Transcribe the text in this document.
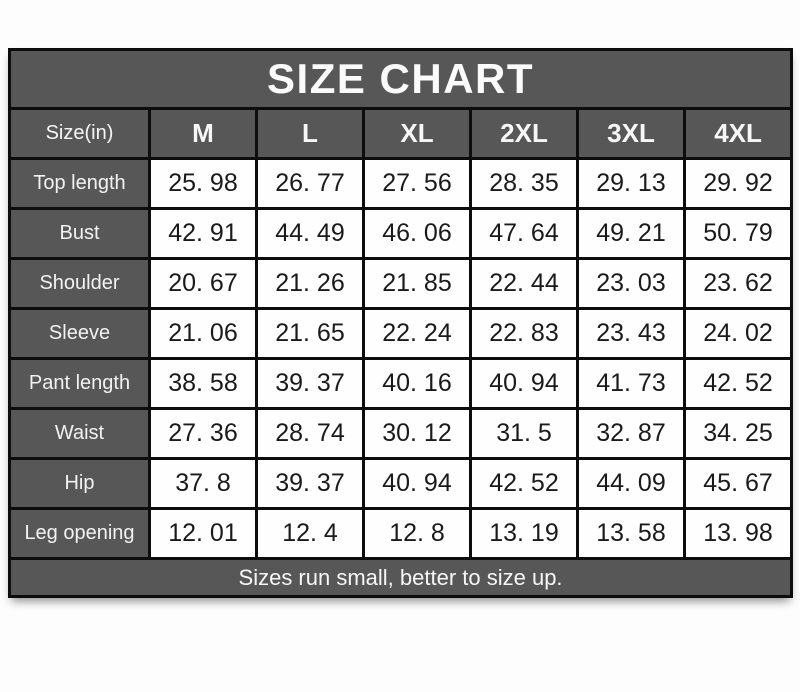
SIZE CHART						
Size(in)	M	L	XL	2XL	3XL	4XL
Top length	25. 98	26. 77	27. 56	28. 35	29. 13	29. 92
Bust	42. 91	44. 49	46. 06	47. 64	49. 21	50. 79
Shoulder	20. 67	21. 26	21. 85	22. 44	23. 03	23. 62
Sleeve	21. 06	21. 65	22. 24	22. 83	23. 43	24. 02
Pant length	38. 58	39. 37	40. 16	40. 94	41. 73	42. 52
Waist	27. 36	28. 74	30. 12	31. 5	32. 87	34. 25
Hip	37. 8	39. 37	40. 94	42. 52	44. 09	45. 67
Leg opening	12. 01	12. 4	12. 8	13. 19	13. 58	13. 98
Sizes run small, better to size up.						
